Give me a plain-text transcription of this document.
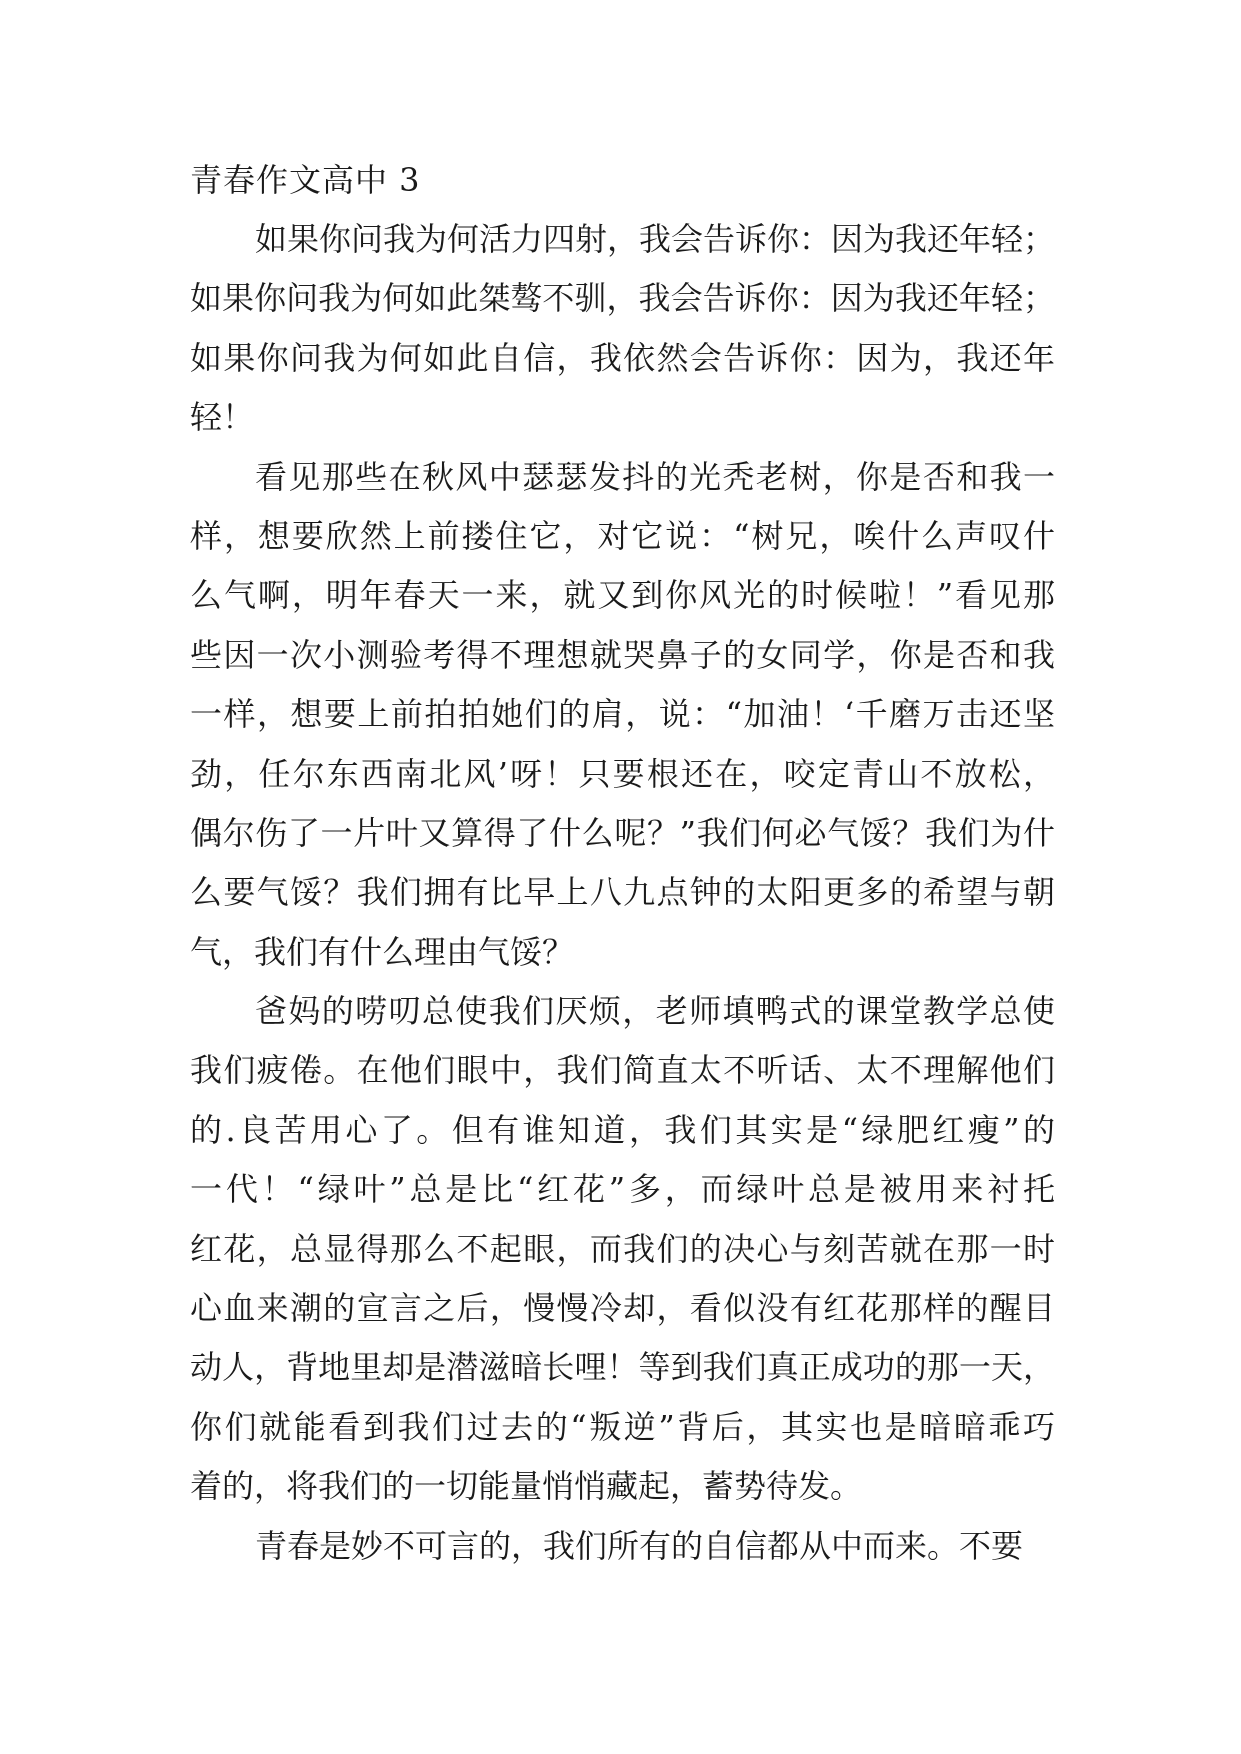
青春作文高中 3

如果你问我为何活力四射，我会告诉你：因为我还年轻；
如果你问我为何如此桀骜不驯，我会告诉你：因为我还年轻；
如果你问我为何如此自信，我依然会告诉你：因为，我还年
轻！

看见那些在秋风中瑟瑟发抖的光秃老树，你是否和我一
样，想要欣然上前搂住它，对它说：“树兄，唉什么声叹什
么气啊，明年春天一来，就又到你风光的时候啦！”看见那
些因一次小测验考得不理想就哭鼻子的女同学，你是否和我
一样，想要上前拍拍她们的肩，说：“加油！‘千磨万击还坚
劲，任尔东西南北风’呀！只要根还在，咬定青山不放松，
偶尔伤了一片叶又算得了什么呢？”我们何必气馁？我们为什
么要气馁？我们拥有比早上八九点钟的太阳更多的希望与朝
气，我们有什么理由气馁？

爸妈的唠叨总使我们厌烦，老师填鸭式的课堂教学总使
我们疲倦。在他们眼中，我们简直太不听话、太不理解他们
的.良苦用心了。但有谁知道，我们其实是“绿肥红瘦”的
一代！“绿叶”总是比“红花”多，而绿叶总是被用来衬托
红花，总显得那么不起眼，而我们的决心与刻苦就在那一时
心血来潮的宣言之后，慢慢冷却，看似没有红花那样的醒目
动人，背地里却是潜滋暗长哩！等到我们真正成功的那一天，
你们就能看到我们过去的“叛逆”背后，其实也是暗暗乖巧
着的，将我们的一切能量悄悄藏起，蓄势待发。

青春是妙不可言的，我们所有的自信都从中而来。不要
